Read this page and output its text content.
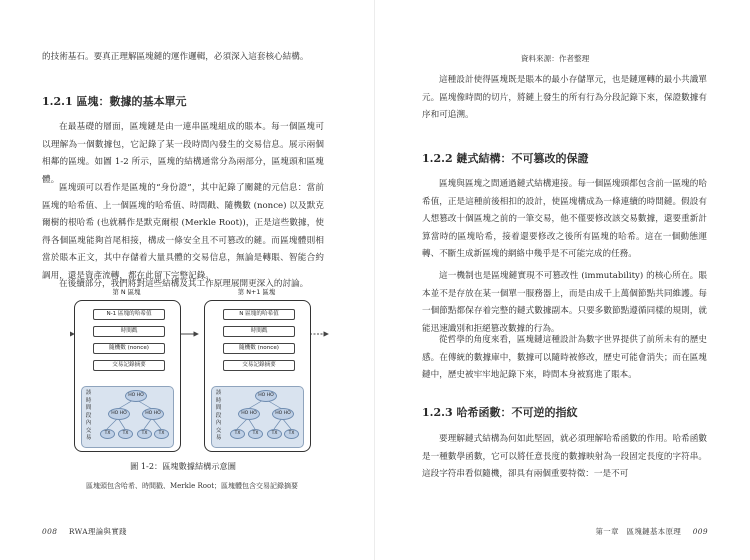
的技術基石。要真正理解區塊鏈的運作邏輯，必須深入這套核心結構。

1.2.1 區塊：數據的基本單元

在最基礎的層面，區塊鏈是由一連串區塊組成的賬本。每一個區塊可以理解為一個數據包，它記錄了某一段時間內發生的交易信息。展示兩個相鄰的區塊。如圖 1-2 所示，區塊的結構通常分為兩部分，區塊頭和區塊體。

區塊頭可以看作是區塊的“身份證”，其中記錄了關鍵的元信息：當前區塊的哈希值、上一個區塊的哈希值、時間戳、隨機數 (nonce) 以及默克爾樹的根哈希 (也就稱作是默克爾根 (Merkle Root))，正是這些數據，使得各個區塊能夠首尾相接，構成一條安全且不可篡改的鏈。而區塊體則相當於賬本正文，其中存儲着大量具體的交易信息，無論是轉賬、智能合約調用，還是資產流轉，都在此留下完整記錄。

在後續部分，我們將對這些結構及其工作原理展開更深入的討論。

第 N 區塊	第 N+1 區塊
N-1 區塊的哈希值
時間戳
隨機數 (nonce)
交易記錄摘要
該時間段內交易
HO HO
HO HO	HO HO
TX	TX	TX	TX
N 區塊的哈希值
時間戳
隨機數 (nonce)
交易記錄摘要
該時間段內交易
HO HO
HO HO	HO HO
TX	TX	TX	TX

圖 1-2：區塊數據結構示意圖

區塊頭包含哈希、時間戳、Merkle Root；區塊體包含交易記錄摘要

008 RWA理論與實踐

資料來源：作者整理

這種設計使得區塊既是賬本的最小存儲單元，也是鏈運轉的最小共識單元。區塊像時間的切片，將鏈上發生的所有行為分段記錄下來，保證數據有序和可追溯。

1.2.2 鏈式結構：不可篡改的保證

區塊與區塊之間通過鏈式結構連接。每一個區塊頭都包含前一區塊的哈希值，正是這種前後相扣的設計，使區塊構成為一條連續的時間鏈。假設有人想篡改十個區塊之前的一筆交易，他不僅要修改該交易數據，還要重新計算當時的區塊哈希，接着還要修改之後所有區塊的哈希。這在一個動態運轉、不斷生成新區塊的網絡中幾乎是不可能完成的任務。

這一機制也是區塊鏈實現不可篡改性 (immutability) 的核心所在。賬本並不是存放在某一個單一服務器上，而是由成千上萬個節點共同維護。每一個節點都保存着完整的鏈式數據副本。只要多數節點遵循同樣的規則，就能迅速識別和拒絕篡改數據的行為。

從哲學的角度來看，區塊鏈這種設計為數字世界提供了前所未有的歷史感。在傳統的數據庫中，數據可以隨時被修改，歷史可能會消失；而在區塊鏈中，歷史被牢牢地記錄下來，時間本身被寫進了賬本。

1.2.3 哈希函數：不可逆的指紋

要理解鏈式結構為何如此堅固，就必須理解哈希函數的作用。哈希函數是一種數學函數，它可以將任意長度的數據映射為一段固定長度的字符串。這段字符串看似隨機，卻具有兩個重要特徵：一是不可

第一章　區塊鏈基本原理 009
